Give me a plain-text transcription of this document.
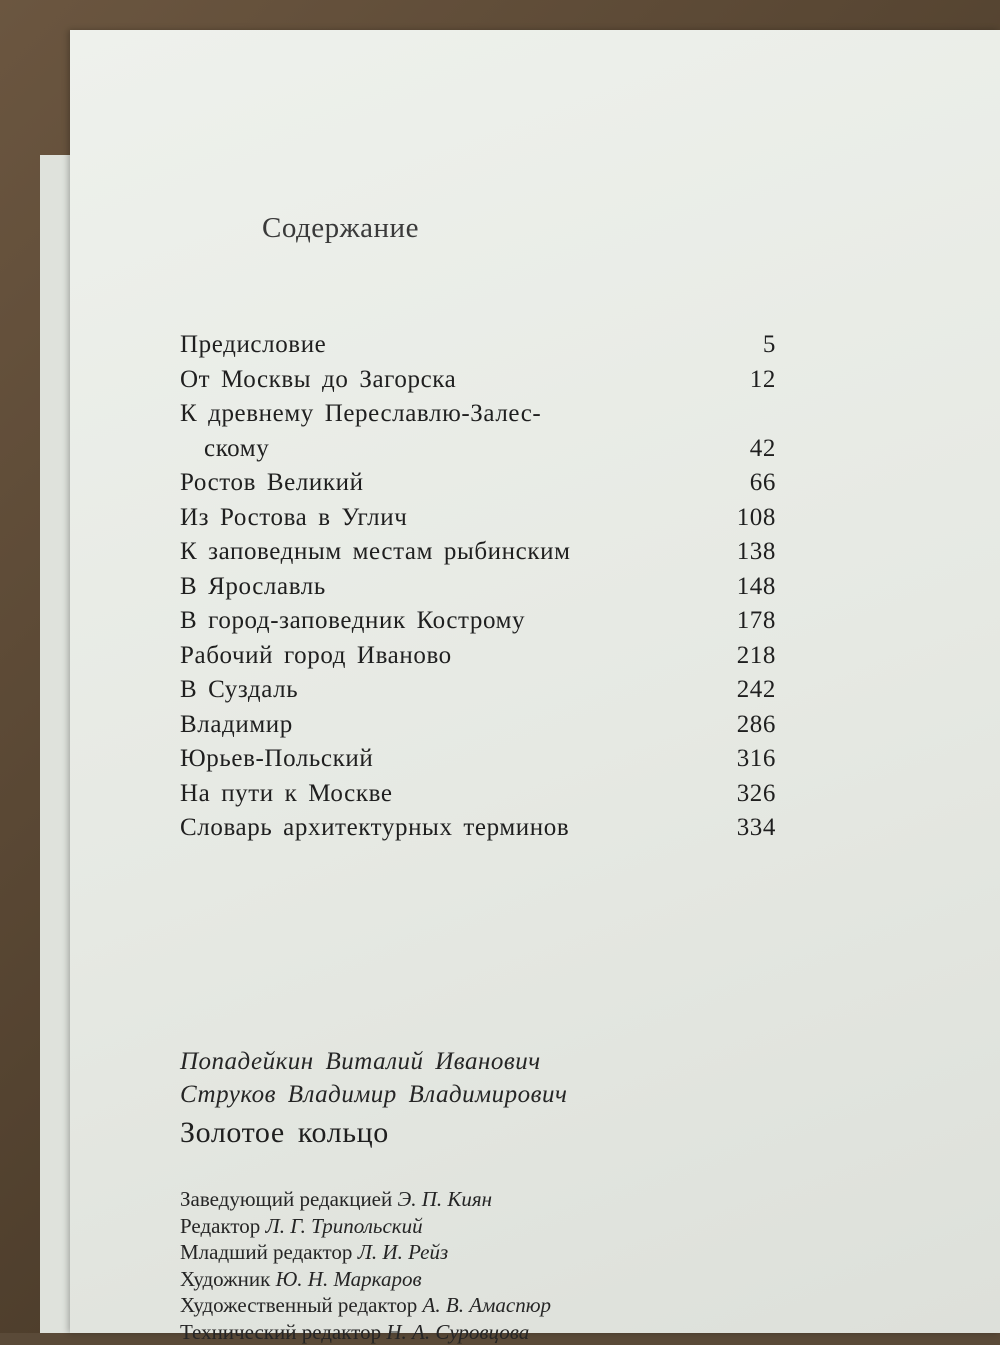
Содержание
Предисловие	5
От Москвы до Загорска	12
К древнему Переславлю-Залес-
скому	42
Ростов Великий	66
Из Ростова в Углич	108
К заповедным местам рыбинским	138
В Ярославль	148
В город-заповедник Кострому	178
Рабочий город Иваново	218
В Суздаль	242
Владимир	286
Юрьев-Польский	316
На пути к Москве	326
Словарь архитектурных терминов	334
Попадейкин Виталий Иванович
Струков Владимир Владимирович
Золотое кольцо
Заведующий редакцией Э. П. Киян
Редактор Л. Г. Трипольский
Младший редактор Л. И. Рейз
Художник Ю. Н. Маркаров
Художественный редактор А. В. Амаспюр
Технический редактор Н. А. Суровцова
